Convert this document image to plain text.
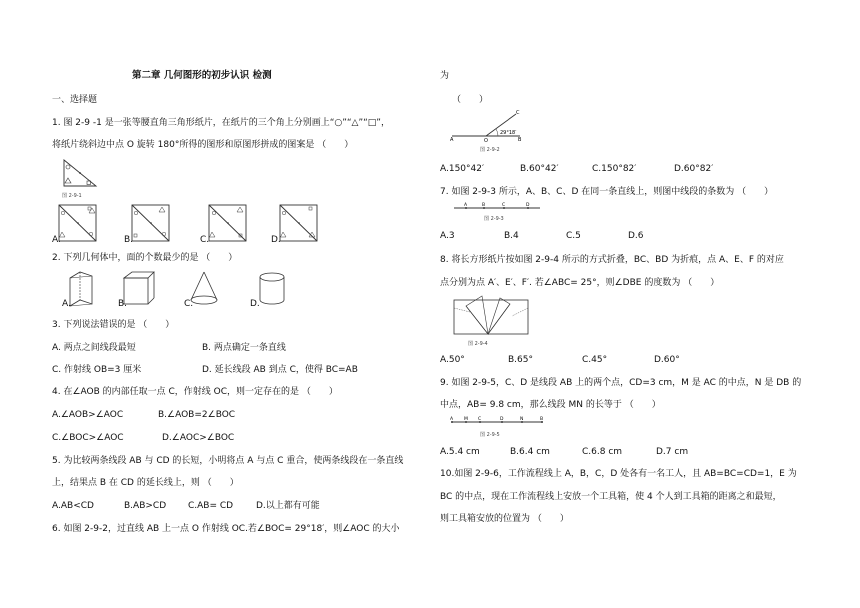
第二章 几何图形的初步认识 检测
一、选择题
1. 图 2-9 -1 是一张等腰直角三角形纸片，在纸片的三个角上分别画上“○”“△”“□”，
将纸片绕斜边中点 O 旋转 180°所得的图形和原图形拼成的图案是 （　　）
图 2-9-1
A.	B.	C.	D.
2. 下列几何体中，面的个数最少的是 （　　）
A.	B.	C.	D.
3. 下列说法错误的是 （　　）
A. 两点之间线段最短	B. 两点确定一条直线
C. 作射线 OB=3 厘米	D. 延长线段 AB 到点 C，使得 BC=AB
4. 在∠AOB 的内部任取一点 C，作射线 OC，则一定存在的是 （　　）
A.∠AOB>∠AOC	B.∠AOB=2∠BOC
C.∠BOC>∠AOC	D.∠AOC>∠BOC
5. 为比较两条线段 AB 与 CD 的长短，小明将点 A 与点 C 重合，使两条线段在一条直线
上，结果点 B 在 CD 的延长线上，则 （　　）
A.AB<CD	B.AB>CD C.AB= CD	D.以上都有可能
6. 如图 2-9-2，过直线 AB 上一点 O 作射线 OC.若∠BOC= 29°18′，则∠AOC 的大小
为
（　　）
A	O	B
C
29°18′
图 2-9-2
A.150°42′	B.60°42′	C.150°82′	D.60°82′
7. 如图 2-9-3 所示，A、B、C、D 在同一条直线上，则图中线段的条数为 （　　）
A	B	C	D
图 2-9-3
A.3	B.4	C.5	D.6
8. 将长方形纸片按如图 2-9-4 所示的方式折叠，BC、BD 为折痕，点 A、E、F 的对应
点分别为点 A′、E′、F′. 若∠ABC= 25°，则∠DBE 的度数为 （　　）
图 2-9-4
A.50°	B.65°	C.45°	D.60°
9. 如图 2-9-5，C、D 是线段 AB 上的两个点，CD=3 cm，M 是 AC 的中点，N 是 DB 的
中点，AB= 9.8 cm，那么线段 MN 的长等于 （　　）
A M C	D	N	B
图 2-9-5
A.5.4 cm	B.6.4 cm	C.6.8 cm	D.7 cm
10.如图 2-9-6，工作流程线上 A，B，C，D 处各有一名工人，且 AB=BC=CD=1，E 为
BC 的中点，现在工作流程线上安放一个工具箱，使 4 个人到工具箱的距离之和最短，
则工具箱安放的位置为 （　　）
